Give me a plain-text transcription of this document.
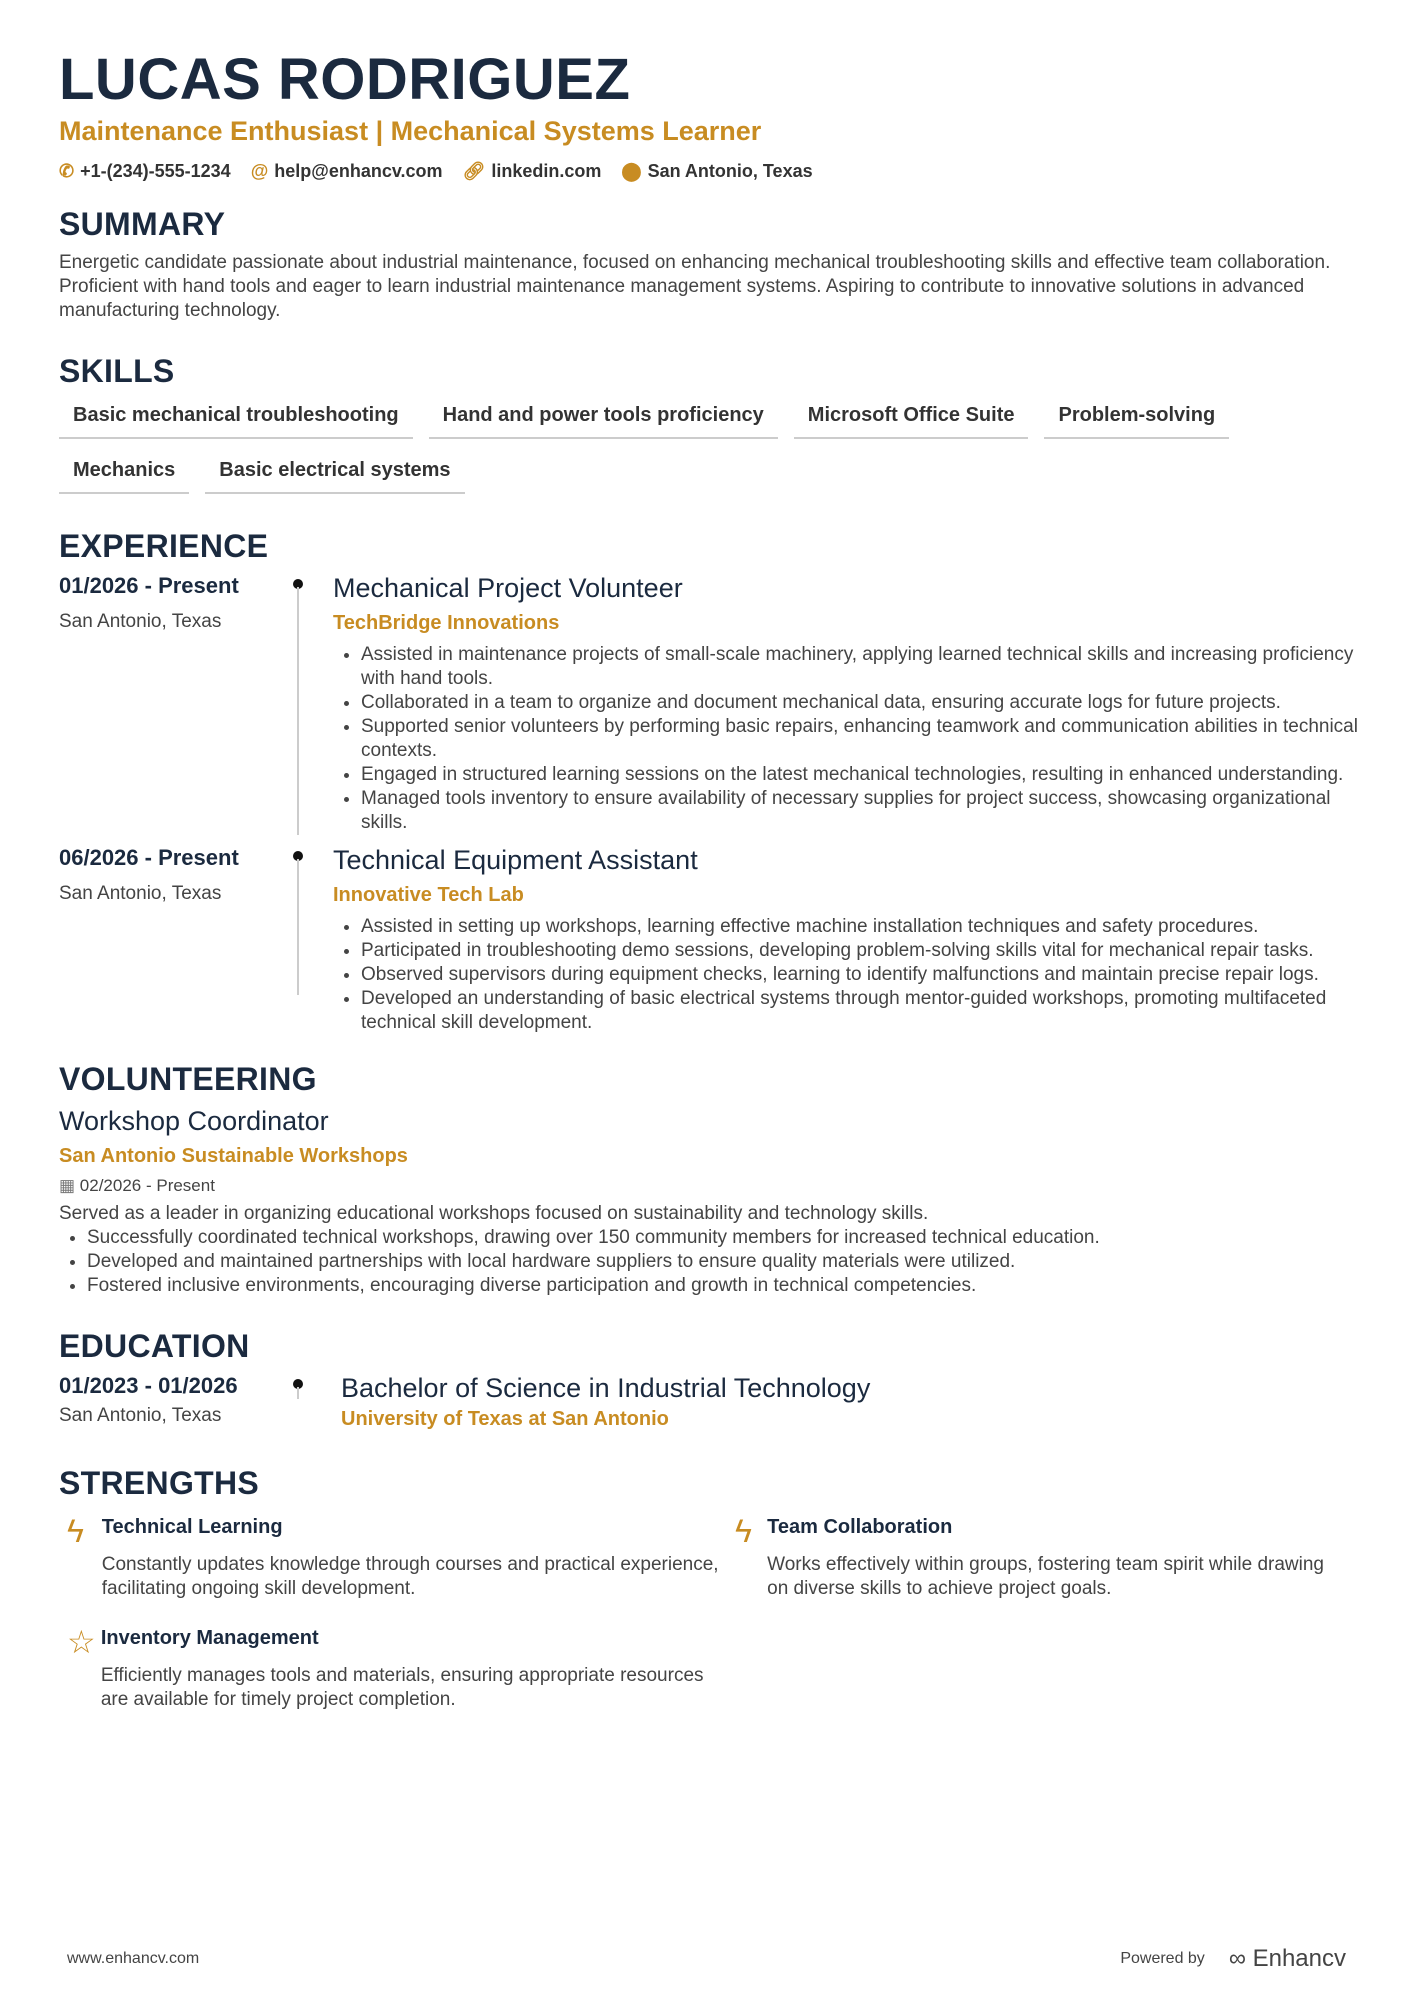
LUCAS RODRIGUEZ
Maintenance Enthusiast | Mechanical Systems Learner
✆ +1-(234)-555-1234 @ help@enhancv.com 🔗︎ linkedin.com ⬤ San Antonio, Texas
SUMMARY

Energetic candidate passionate about industrial maintenance, focused on enhancing mechanical troubleshooting skills and effective team collaboration. Proficient with hand tools and eager to learn industrial maintenance management systems. Aspiring to contribute to innovative solutions in advanced manufacturing technology.

SKILLS
Basic mechanical troubleshooting	Hand and power tools proficiency	Microsoft Office Suite	Problem-solving
Mechanics	Basic electrical systems
EXPERIENCE
01/2026 - Present
San Antonio, Texas
Mechanical Project Volunteer
TechBridge Innovations
• Assisted in maintenance projects of small-scale machinery, applying learned technical skills and increasing proficiency with hand tools.
• Collaborated in a team to organize and document mechanical data, ensuring accurate logs for future projects.
• Supported senior volunteers by performing basic repairs, enhancing teamwork and communication abilities in technical contexts.
• Engaged in structured learning sessions on the latest mechanical technologies, resulting in enhanced understanding.
• Managed tools inventory to ensure availability of necessary supplies for project success, showcasing organizational skills.
06/2026 - Present
San Antonio, Texas
Technical Equipment Assistant
Innovative Tech Lab
• Assisted in setting up workshops, learning effective machine installation techniques and safety procedures.
• Participated in troubleshooting demo sessions, developing problem-solving skills vital for mechanical repair tasks.
• Observed supervisors during equipment checks, learning to identify malfunctions and maintain precise repair logs.
• Developed an understanding of basic electrical systems through mentor-guided workshops, promoting multifaceted technical skill development.
VOLUNTEERING
Workshop Coordinator
San Antonio Sustainable Workshops
▦ 02/2026 - Present

Served as a leader in organizing educational workshops focused on sustainability and technology skills.

• Successfully coordinated technical workshops, drawing over 150 community members for increased technical education.
• Developed and maintained partnerships with local hardware suppliers to ensure quality materials were utilized.
• Fostered inclusive environments, encouraging diverse participation and growth in technical competencies.
EDUCATION
01/2023 - 01/2026
San Antonio, Texas
Bachelor of Science in Industrial Technology
University of Texas at San Antonio
STRENGTHS
ϟ Technical Learning

Constantly updates knowledge through courses and practical experience, facilitating ongoing skill development.

ϟ Team Collaboration

Works effectively within groups, fostering team spirit while drawing on diverse skills to achieve project goals.

☆ Inventory Management

Efficiently manages tools and materials, ensuring appropriate resources are available for timely project completion.

www.enhancv.com	Powered by ∞ Enhancv
